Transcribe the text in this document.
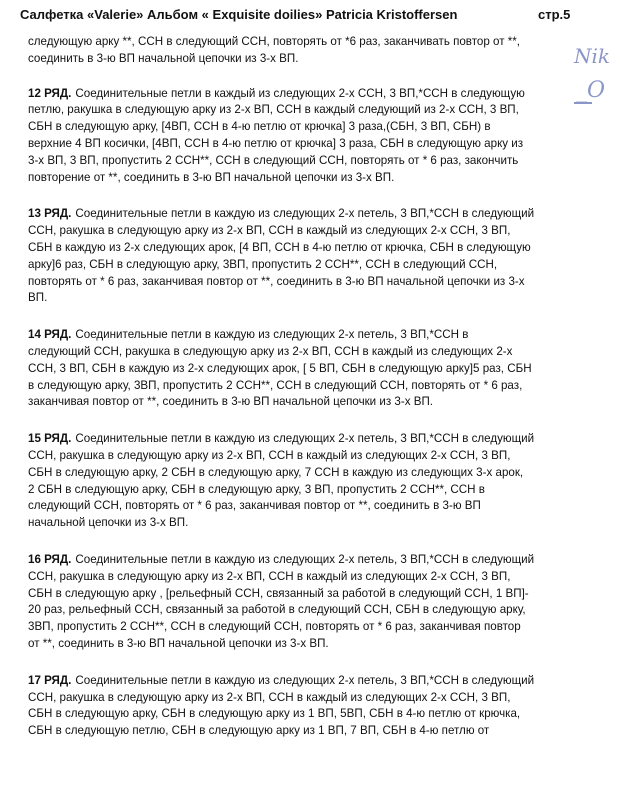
Салфетка «Valerie» Альбом « Exquisite doilies» Patricia Kristoffersen	стр.5
Nik
_O
следующую арку **, ССН в следующий ССН, повторять от *6 раз, заканчивать повтор от **,
соединить в 3-ю ВП начальной цепочки из 3-х ВП.
12 РЯД. Соединительные петли в каждый из следующих 2-х ССН, 3 ВП,*ССН в следующую
петлю, ракушка в следующую арку из 2-х ВП, ССН в каждый следующий из 2-х ССН, 3 ВП,
СБН в следующую арку, [4ВП, ССН в 4-ю петлю от крючка] 3 раза,(СБН, 3 ВП, СБН) в
верхние 4 ВП косички, [4ВП, ССН в 4-ю петлю от крючка] 3 раза, СБН в следующую арку из
3-х ВП, 3 ВП, пропустить 2 ССН**, ССН в следующий ССН, повторять от * 6 раз, закончить
повторение от **, соединить в 3-ю ВП начальной цепочки из 3-х ВП.
13 РЯД. Соединительные петли в каждую из следующих 2-х петель, 3 ВП,*ССН в следующий
ССН, ракушка в следующую арку из 2-х ВП, ССН в каждый из следующих 2-х ССН, 3 ВП,
СБН в каждую из 2-х следующих арок, [4 ВП, ССН в 4-ю петлю от крючка, СБН в следующую
арку]6 раз, СБН в следующую арку, 3ВП, пропустить 2 ССН**, ССН в следующий ССН,
повторять от * 6 раз, заканчивая повтор от **, соединить в 3-ю ВП начальной цепочки из 3-х
ВП.
14 РЯД. Соединительные петли в каждую из следующих 2-х петель, 3 ВП,*ССН в
следующий ССН, ракушка в следующую арку из 2-х ВП, ССН в каждый из следующих 2-х
ССН, 3 ВП, СБН в каждую из 2-х следующих арок, [ 5 ВП, СБН в следующую арку]5 раз, СБН
в следующую арку, 3ВП, пропустить 2 ССН**, ССН в следующий ССН, повторять от * 6 раз,
заканчивая повтор от **, соединить в 3-ю ВП начальной цепочки из 3-х ВП.
15 РЯД. Соединительные петли в каждую из следующих 2-х петель, 3 ВП,*ССН в следующий
ССН, ракушка в следующую арку из 2-х ВП, ССН в каждый из следующих 2-х ССН, 3 ВП,
СБН в следующую арку, 2 СБН в следующую арку, 7 ССН в каждую из следующих 3-х арок,
2 СБН в следующую арку, СБН в следующую арку, 3 ВП, пропустить 2 ССН**, ССН в
следующий ССН, повторять от * 6 раз, заканчивая повтор от **, соединить в 3-ю ВП
начальной цепочки из 3-х ВП.
16 РЯД. Соединительные петли в каждую из следующих 2-х петель, 3 ВП,*ССН в следующий
ССН, ракушка в следующую арку из 2-х ВП, ССН в каждый из следующих 2-х ССН, 3 ВП,
СБН в следующую арку , [рельефный ССН, связанный за работой в следующий ССН, 1 ВП]-
20 раз, рельефный ССН, связанный за работой в следующий ССН, СБН в следующую арку,
3ВП, пропустить 2 ССН**, ССН в следующий ССН, повторять от * 6 раз, заканчивая повтор
от **, соединить в 3-ю ВП начальной цепочки из 3-х ВП.
17 РЯД. Соединительные петли в каждую из следующих 2-х петель, 3 ВП,*ССН в следующий
ССН, ракушка в следующую арку из 2-х ВП, ССН в каждый из следующих 2-х ССН, 3 ВП,
СБН в следующую арку, СБН в следующую арку из 1 ВП, 5ВП, СБН в 4-ю петлю от крючка,
СБН в следующую петлю, СБН в следующую арку из 1 ВП, 7 ВП, СБН в 4-ю петлю от
